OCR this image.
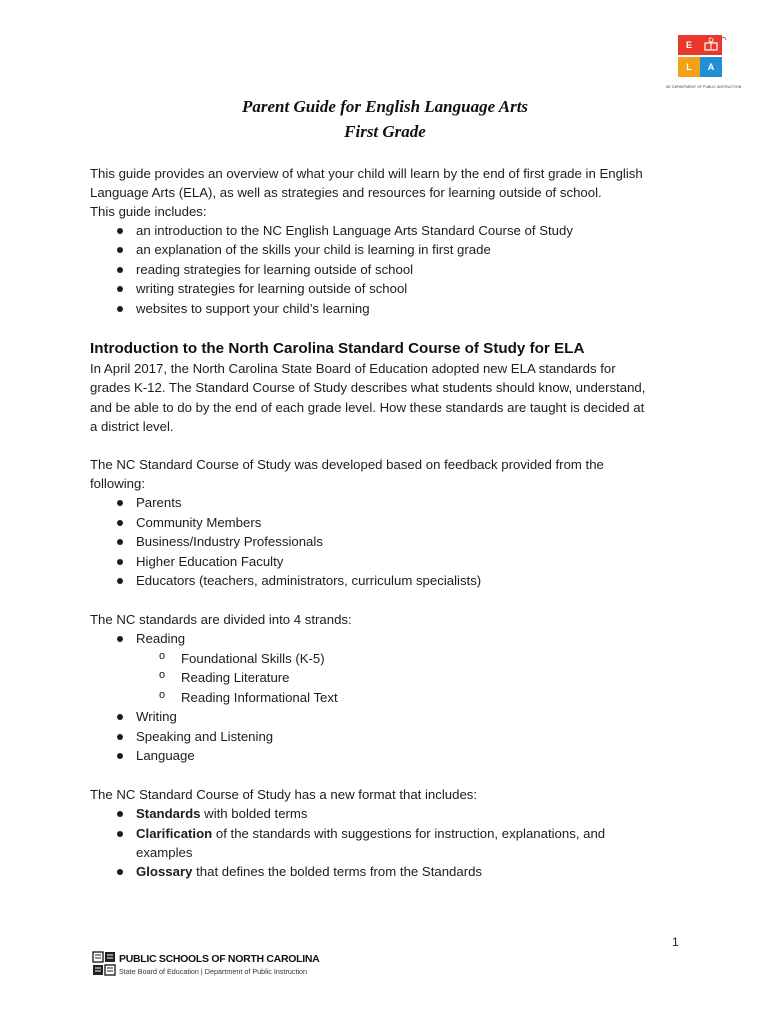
E
L	A
NC DEPARTMENT OF PUBLIC INSTRUCTION
Parent Guide for English Language Arts
First Grade
This guide provides an overview of what your child will learn by the end of first grade in English
Language Arts (ELA), as well as strategies and resources for learning outside of school.
This guide includes:
an introduction to the NC English Language Arts Standard Course of Study
an explanation of the skills your child is learning in first grade
reading strategies for learning outside of school
writing strategies for learning outside of school
websites to support your child’s learning
Introduction to the North Carolina Standard Course of Study for ELA
In April 2017, the North Carolina State Board of Education adopted new ELA standards for
grades K-12. The Standard Course of Study describes what students should know, understand,
and be able to do by the end of each grade level. How these standards are taught is decided at
a district level.
The NC Standard Course of Study was developed based on feedback provided from the
following:
Parents
Community Members
Business/Industry Professionals
Higher Education Faculty
Educators (teachers, administrators, curriculum specialists)
The NC standards are divided into 4 strands:
Reading
o Foundational Skills (K-5)
o Reading Literature
o Reading Informational Text
Writing
Speaking and Listening
Language
The NC Standard Course of Study has a new format that includes:
Standards with bolded terms
Clarification of the standards with suggestions for instruction, explanations, and
examples
Glossary that defines the bolded terms from the Standards
1
PUBLIC SCHOOLS OF NORTH CAROLINA
State Board of Education | Department of Public Instruction
